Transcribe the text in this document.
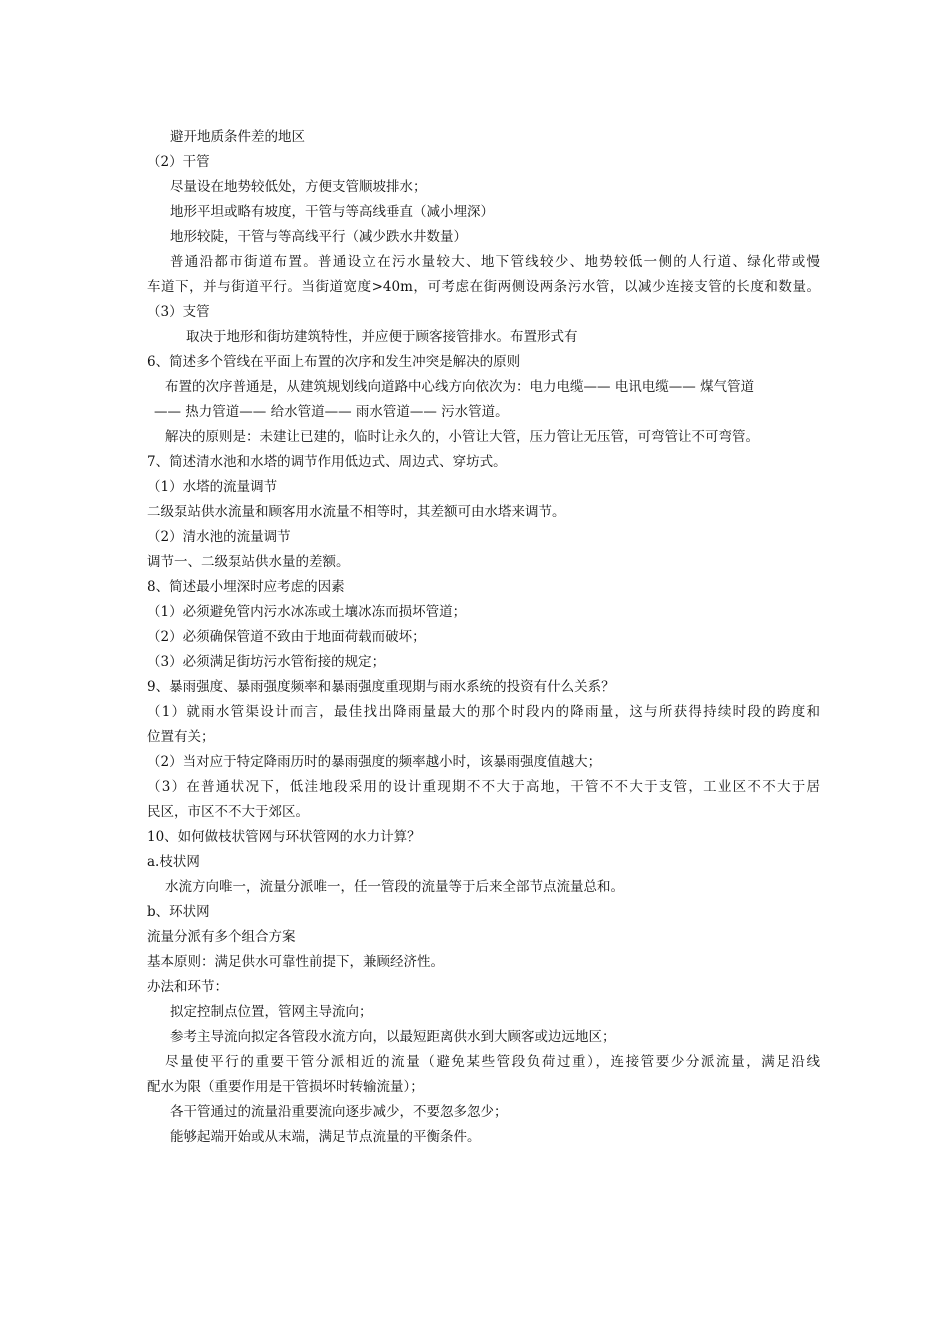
避开地质条件差的地区
（2）干管
尽量设在地势较低处，方便支管顺坡排水；
地形平坦或略有坡度，干管与等高线垂直（减小埋深）
地形较陡，干管与等高线平行（减少跌水井数量）
普通沿都市街道布置。普通设立在污水量较大、地下管线较少、地势较低一侧的人行道、绿化带或慢
车道下，并与街道平行。当街道宽度>40m，可考虑在街两侧设两条污水管，以减少连接支管的长度和数量。
（3）支管
取决于地形和街坊建筑特性，并应便于顾客接管排水。布置形式有
6、简述多个管线在平面上布置的次序和发生冲突是解决的原则
布置的次序普通是，从建筑规划线向道路中心线方向依次为：电力电缆—— 电讯电缆—— 煤气管道
—— 热力管道—— 给水管道—— 雨水管道—— 污水管道。
解决的原则是：未建让已建的，临时让永久的，小管让大管，压力管让无压管，可弯管让不可弯管。
7、简述清水池和水塔的调节作用低边式、周边式、穿坊式。
（1）水塔的流量调节
二级泵站供水流量和顾客用水流量不相等时，其差额可由水塔来调节。
（2）清水池的流量调节
调节一、二级泵站供水量的差额。
8、简述最小埋深时应考虑的因素
（1）必须避免管内污水冰冻或土壤冰冻而损坏管道；
（2）必须确保管道不致由于地面荷载而破坏；
（3）必须满足街坊污水管衔接的规定；
9、暴雨强度、暴雨强度频率和暴雨强度重现期与雨水系统的投资有什么关系？
（1）就雨水管渠设计而言，最佳找出降雨量最大的那个时段内的降雨量，这与所获得持续时段的跨度和
位置有关；
（2）当对应于特定降雨历时的暴雨强度的频率越小时，该暴雨强度值越大；
（3）在普通状况下，低洼地段采用的设计重现期不不大于高地，干管不不大于支管，工业区不不大于居
民区，市区不不大于郊区。
10、如何做枝状管网与环状管网的水力计算？
a.枝状网
水流方向唯一，流量分派唯一，任一管段的流量等于后来全部节点流量总和。
b、环状网
流量分派有多个组合方案
基本原则：满足供水可靠性前提下，兼顾经济性。
办法和环节：
拟定控制点位置，管网主导流向；
参考主导流向拟定各管段水流方向，以最短距离供水到大顾客或边远地区；
尽量使平行的重要干管分派相近的流量（避免某些管段负荷过重），连接管要少分派流量，满足沿线
配水为限（重要作用是干管损坏时转输流量）；
各干管通过的流量沿重要流向逐步减少，不要忽多忽少；
能够起端开始或从末端，满足节点流量的平衡条件。
